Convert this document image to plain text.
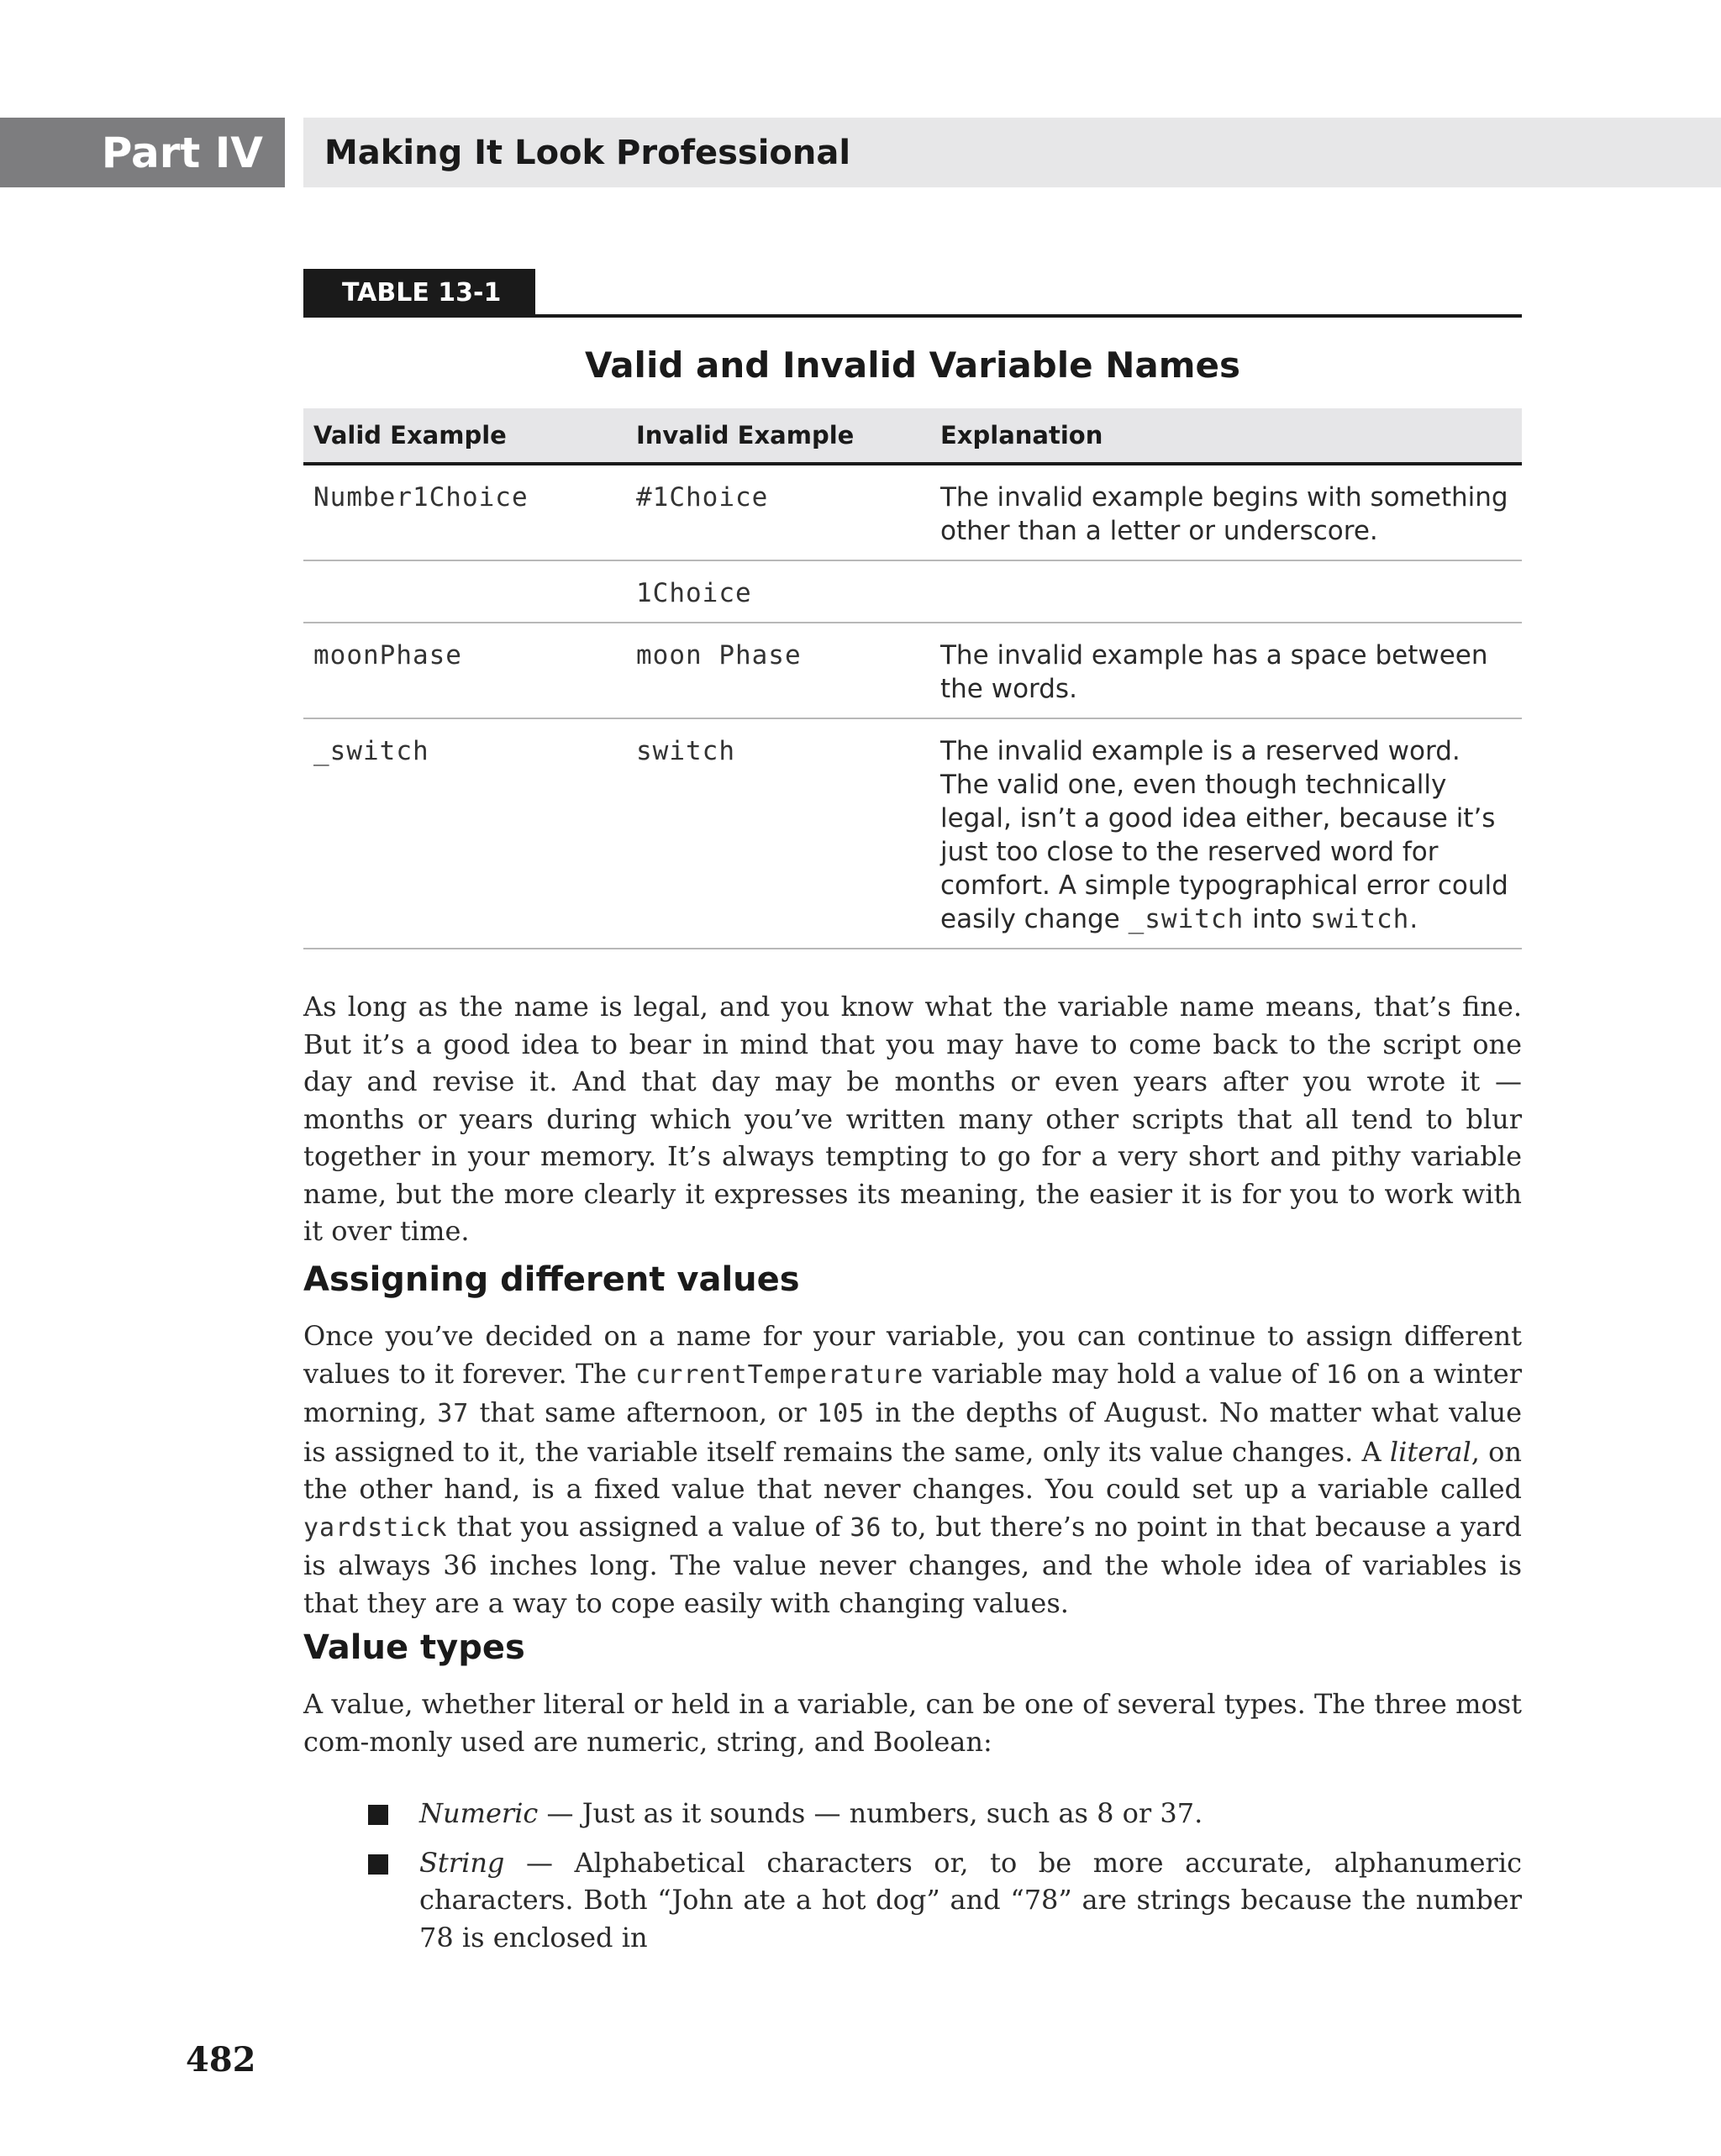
Part IV	Making It Look Professional
TABLE 13-1
Valid and Invalid Variable Names
Valid Example	Invalid Example	Explanation
Number1Choice	#1Choice	The invalid example begins with something other than a letter or underscore.
	1Choice	
moonPhase	moon Phase	The invalid example has a space between the words.
_switch	switch	The invalid example is a reserved word. The valid one, even though technically legal, isn’t a good idea either, because it’s just too close to the reserved word for comfort. A simple typographical error could easily change _switch into switch.
As long as the name is legal, and you know what the variable name means, that’s fine. But it’s a good idea to bear in mind that you may have to come back to the script one day and revise it. And that day may be months or even years after you wrote it — months or years during which you’ve written many other scripts that all tend to blur together in your memory. It’s always tempting to go for a very short and pithy variable name, but the more clearly it expresses its meaning, the easier it is for you to work with it over time.
Assigning different values
Once you’ve decided on a name for your variable, you can continue to assign different values to it forever. The currentTemperature variable may hold a value of 16 on a winter morning, 37 that same afternoon, or 105 in the depths of August. No matter what value is assigned to it, the variable itself remains the same, only its value changes. A literal, on the other hand, is a fixed value that never changes. You could set up a variable called yardstick that you assigned a value of 36 to, but there’s no point in that because a yard is always 36 inches long. The value never changes, and the whole idea of variables is that they are a way to cope easily with changing values.
Value types
A value, whether literal or held in a variable, can be one of several types. The three most com-monly used are numeric, string, and Boolean:
Numeric — Just as it sounds — numbers, such as 8 or 37.
String — Alphabetical characters or, to be more accurate, alphanumeric characters. Both “John ate a hot dog” and “78” are strings because the number 78 is enclosed in
482
